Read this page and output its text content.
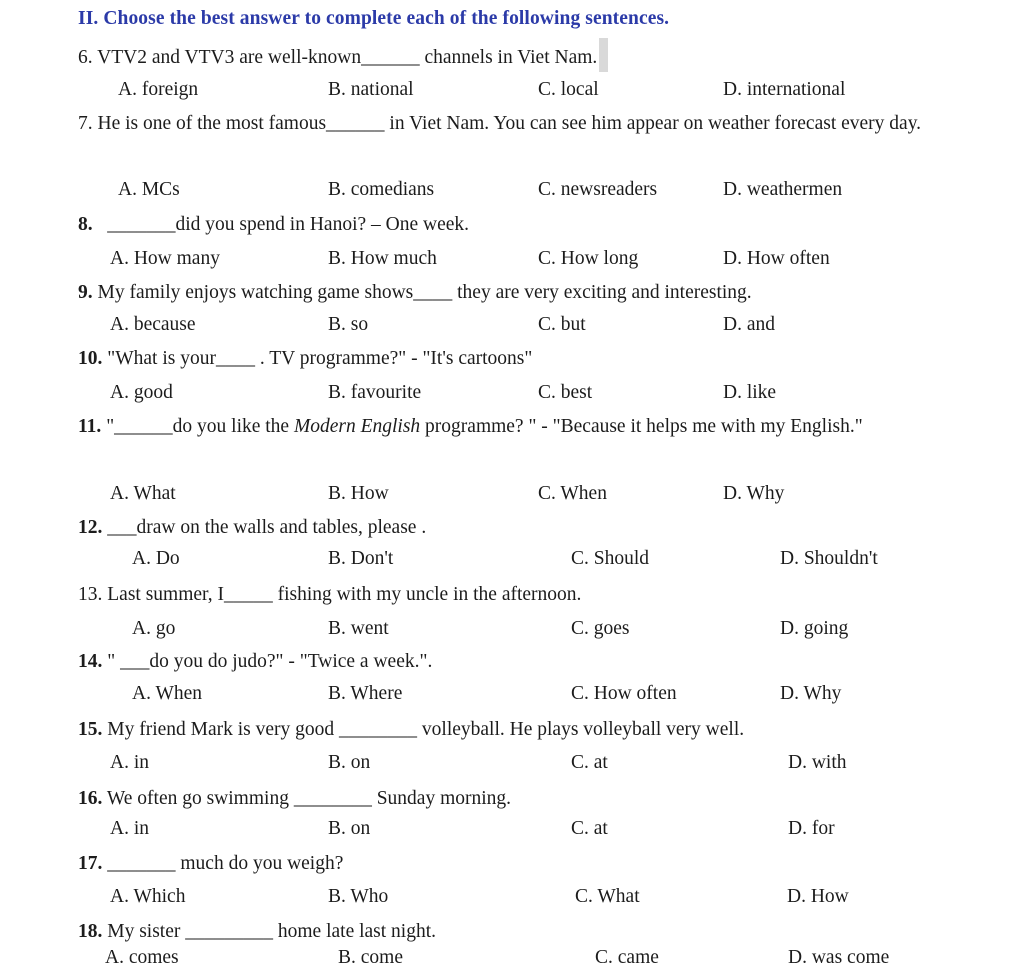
II. Choose the best answer to complete each of the following sentences.
6. VTV2 and VTV3 are well-known______ channels in Viet Nam.
A. foreign	B. national	C. local	D. international
7. He is one of the most famous______ in Viet Nam. You can see him appear on weather forecast every day.
A. MCs	B. comedians	C. newsreaders	D. weathermen
8. _______did you spend in Hanoi? – One week.
A. How many	B. How much	C. How long	D. How often
9. My family enjoys watching game shows____ they are very exciting and interesting.
A. because	B. so	C. but	D. and
10. "What is your____ . TV programme?" - "It's cartoons"
A. good	B. favourite	C. best	D. like
11. "______do you like the Modern English programme? " - "Because it helps me with my English."
A. What	B. How	C. When	D. Why
12. ___draw on the walls and tables, please .
A. Do	B. Don't	C. Should	D. Shouldn't
13. Last summer, I_____ fishing with my uncle in the afternoon.
A. go	B. went	C. goes	D. going
14. " ___do you do judo?" - "Twice a week.".
A. When	B. Where	C. How often	D. Why
15. My friend Mark is very good ________ volleyball. He plays volleyball very well.
A. in	B. on	C. at	D. with
16. We often go swimming ________ Sunday morning.
A. in	B. on	C. at	D. for
17. _______ much do you weigh?
A. Which	B. Who	C. What	D. How
18. My sister _________ home late last night.
A. comes	B. come	C. came	D. was come
